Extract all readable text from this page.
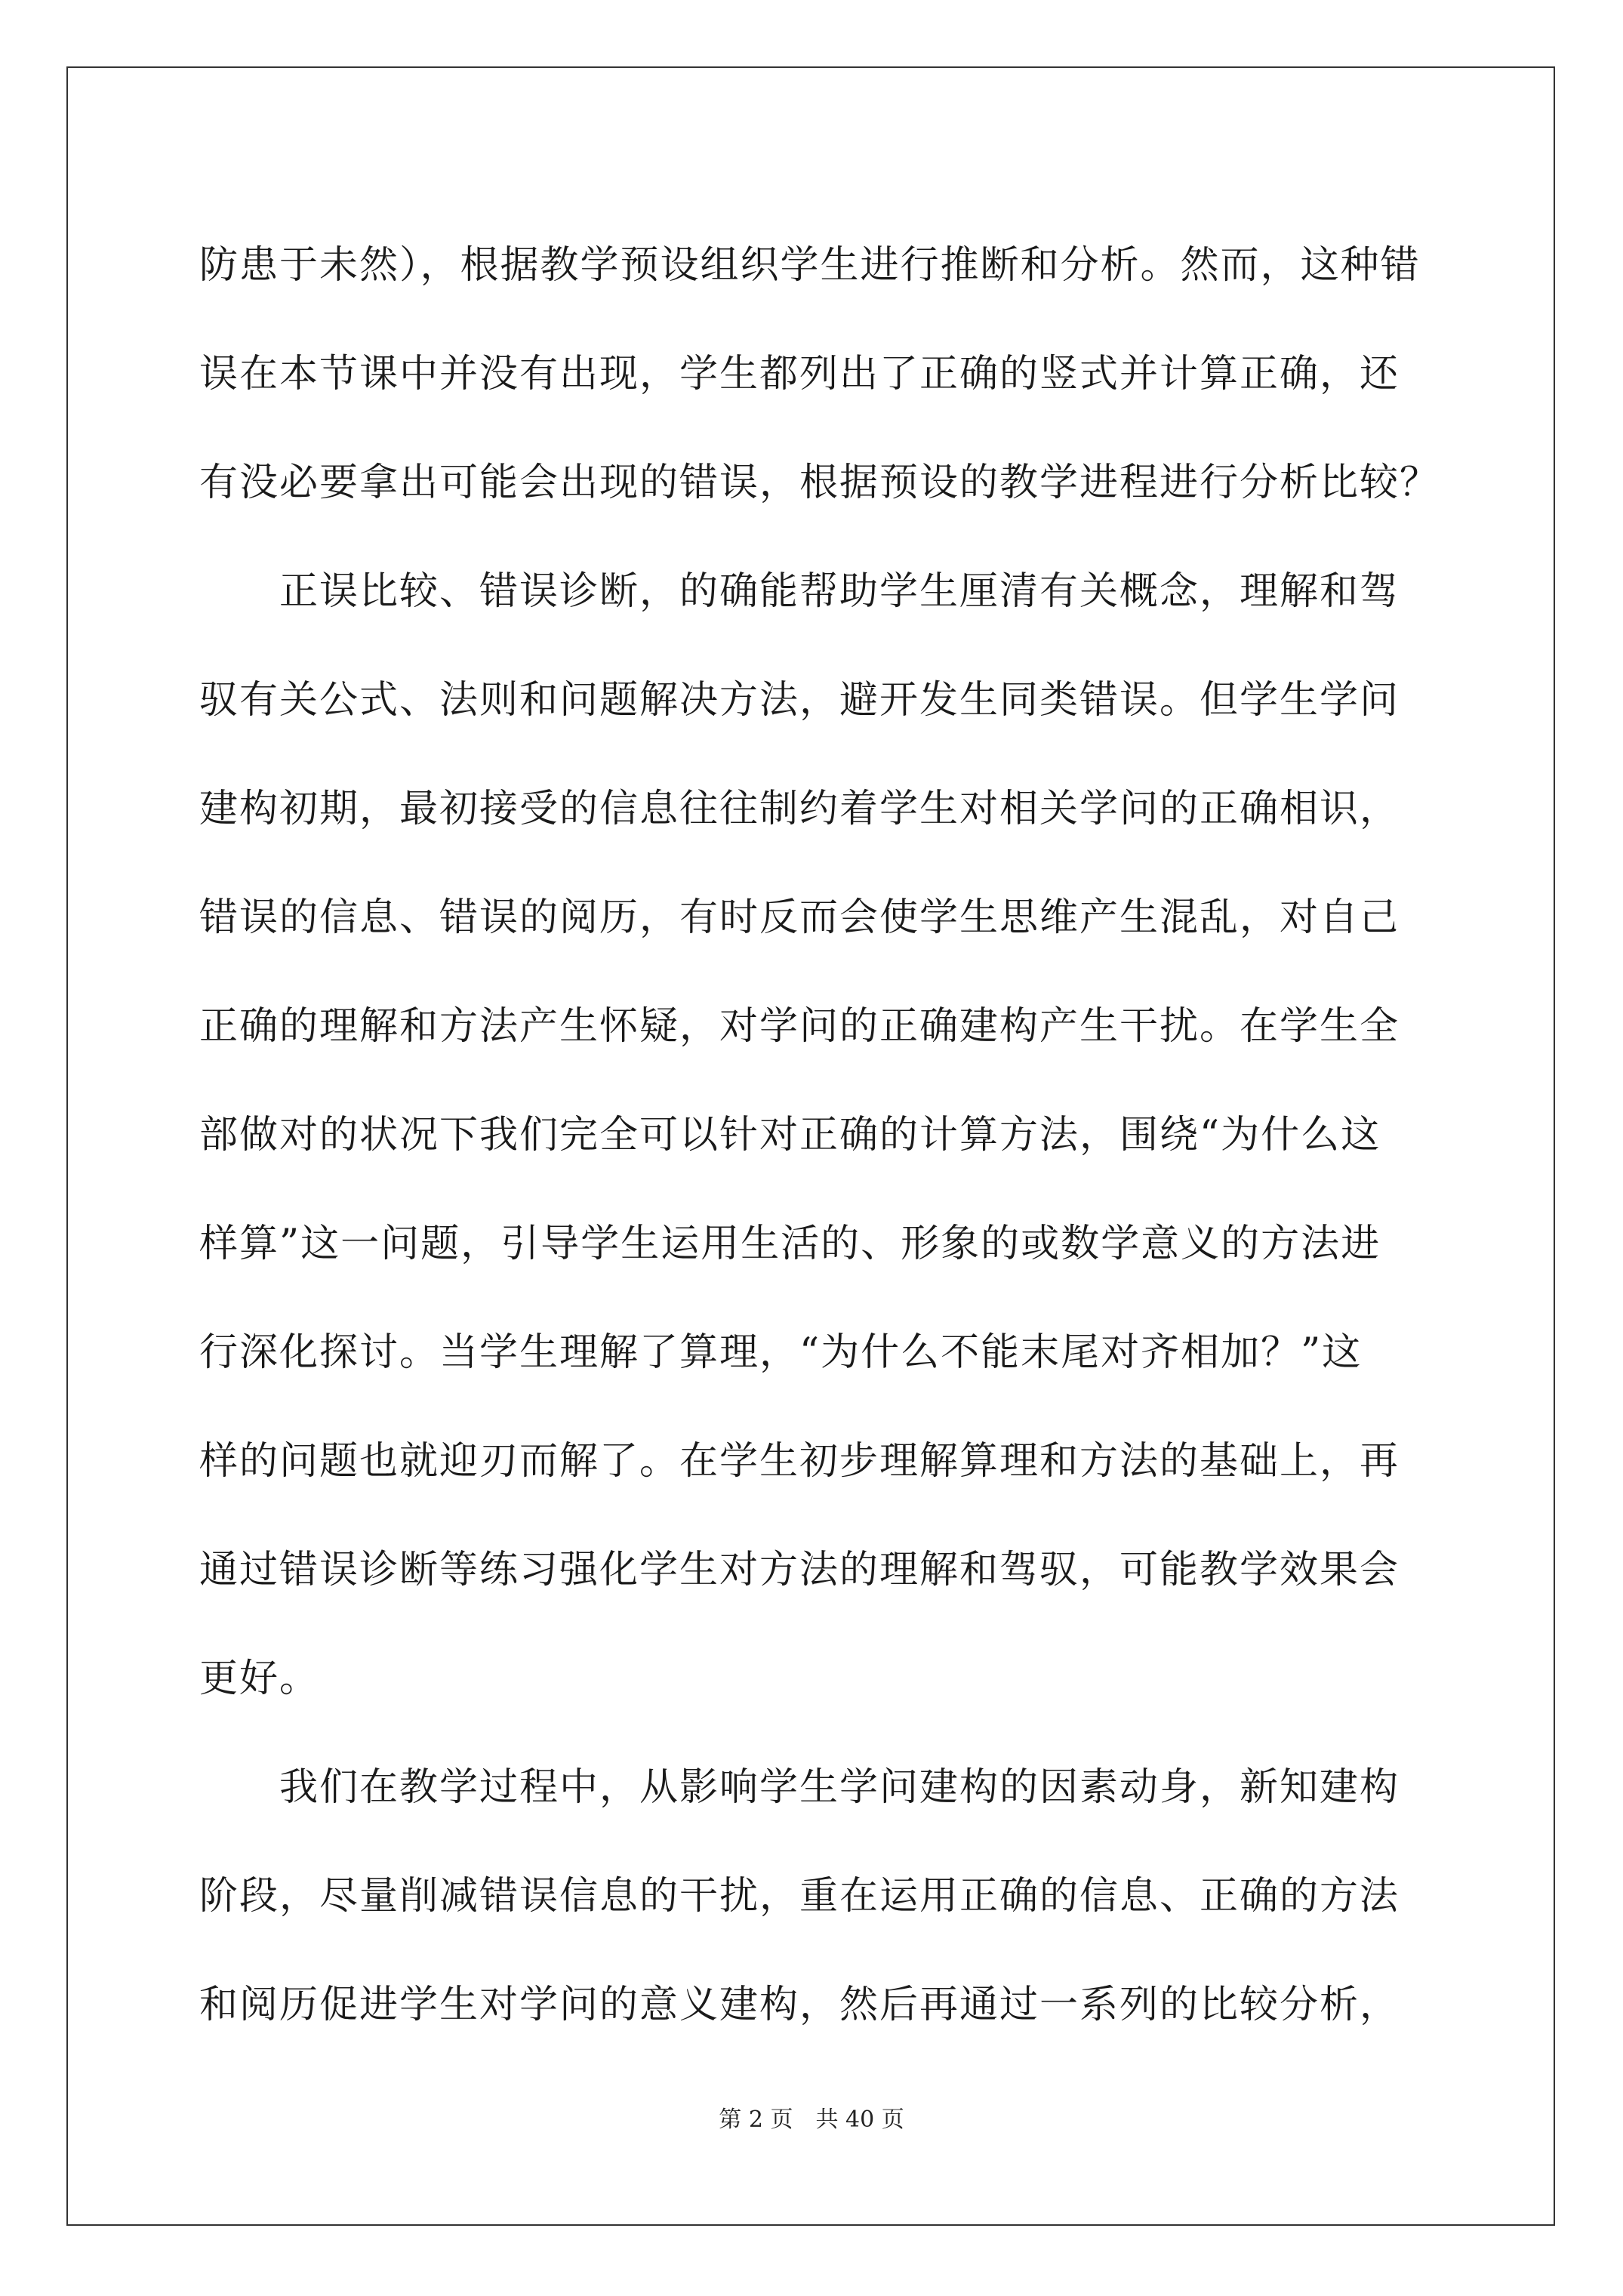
防患于未然），根据教学预设组织学生进行推断和分析。然而，这种错
误在本节课中并没有出现，学生都列出了正确的竖式并计算正确，还
有没必要拿出可能会出现的错误，根据预设的教学进程进行分析比较？
　　正误比较、错误诊断，的确能帮助学生厘清有关概念，理解和驾
驭有关公式、法则和问题解决方法，避开发生同类错误。但学生学问
建构初期，最初接受的信息往往制约着学生对相关学问的正确相识，
错误的信息、错误的阅历，有时反而会使学生思维产生混乱，对自己
正确的理解和方法产生怀疑，对学问的正确建构产生干扰。在学生全
部做对的状况下我们完全可以针对正确的计算方法，围绕“为什么这
样算”这一问题，引导学生运用生活的、形象的或数学意义的方法进
行深化探讨。当学生理解了算理，“为什么不能末尾对齐相加？”这
样的问题也就迎刃而解了。在学生初步理解算理和方法的基础上，再
通过错误诊断等练习强化学生对方法的理解和驾驭，可能教学效果会
更好。
　　我们在教学过程中，从影响学生学问建构的因素动身，新知建构
阶段，尽量削减错误信息的干扰，重在运用正确的信息、正确的方法
和阅历促进学生对学问的意义建构，然后再通过一系列的比较分析，
第 2 页　共 40 页
